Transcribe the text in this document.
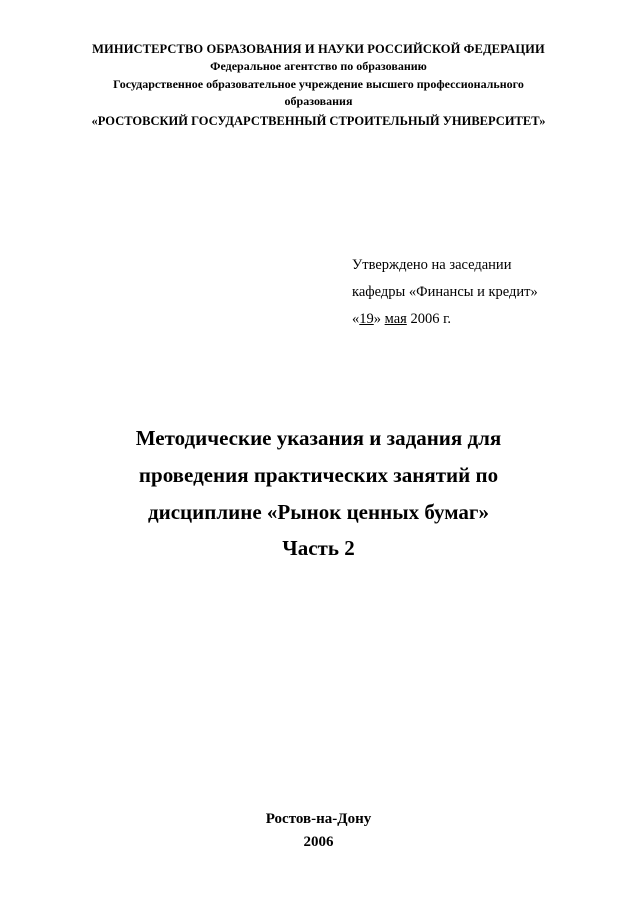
МИНИСТЕРСТВО ОБРАЗОВАНИЯ И НАУКИ РОССИЙСКОЙ ФЕДЕРАЦИИ
Федеральное агентство по образованию
Государственное образовательное учреждение высшего профессионального
образования
«РОСТОВСКИЙ ГОСУДАРСТВЕННЫЙ СТРОИТЕЛЬНЫЙ УНИВЕРСИТЕТ»
Утверждено на заседании
кафедры «Финансы и кредит»
«19» мая 2006 г.
Методические указания и задания для
проведения практических занятий по
дисциплине «Рынок ценных бумаг»
Часть 2
Ростов-на-Дону
2006
